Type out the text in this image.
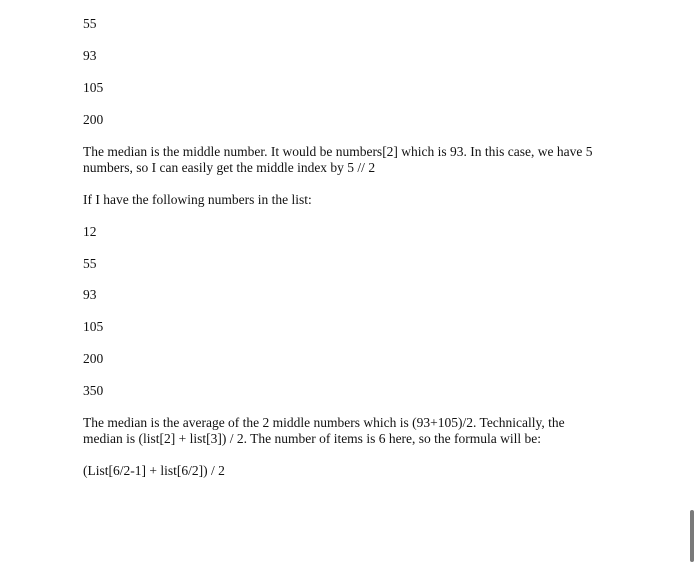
55

93

105

200

The median is the middle number. It would be numbers[2] which is 93. In this case, we have 5

numbers, so I can easily get the middle index by 5 // 2

If I have the following numbers in the list:

12

55

93

105

200

350

The median is the average of the 2 middle numbers which is (93+105)/2. Technically, the

median is (list[2] + list[3]) / 2. The number of items is 6 here, so the formula will be:

(List[6/2-1] + list[6/2]) / 2
